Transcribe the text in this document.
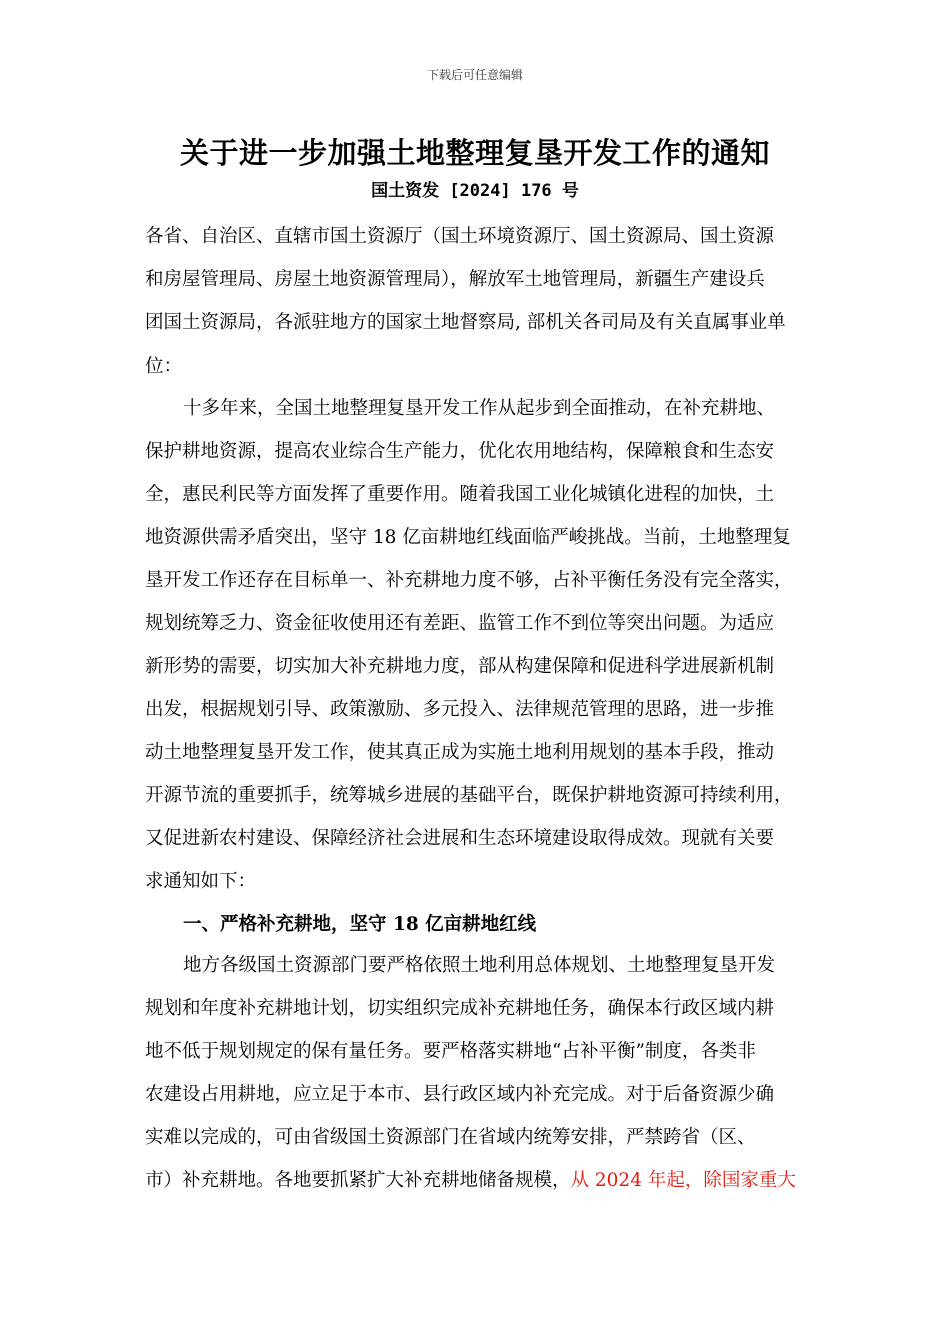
下载后可任意编辑
关于进一步加强土地整理复垦开发工作的通知
国土资发 [2024] 176 号
各省、自治区、直辖市国土资源厅（国土环境资源厅、国土资源局、国土资源
和房屋管理局、房屋土地资源管理局），解放军土地管理局，新疆生产建设兵
团国土资源局，各派驻地方的国家土地督察局, 部机关各司局及有关直属事业单
位：
十多年来，全国土地整理复垦开发工作从起步到全面推动，在补充耕地、
保护耕地资源，提高农业综合生产能力，优化农用地结构，保障粮食和生态安
全，惠民利民等方面发挥了重要作用。随着我国工业化城镇化进程的加快，土
地资源供需矛盾突出，坚守 18 亿亩耕地红线面临严峻挑战。当前，土地整理复
垦开发工作还存在目标单一、补充耕地力度不够，占补平衡任务没有完全落实，
规划统筹乏力、资金征收使用还有差距、监管工作不到位等突出问题。为适应
新形势的需要，切实加大补充耕地力度，部从构建保障和促进科学进展新机制
出发，根据规划引导、政策激励、多元投入、法律规范管理的思路，进一步推
动土地整理复垦开发工作，使其真正成为实施土地利用规划的基本手段，推动
开源节流的重要抓手，统筹城乡进展的基础平台，既保护耕地资源可持续利用，
又促进新农村建设、保障经济社会进展和生态环境建设取得成效。现就有关要
求通知如下：
一、严格补充耕地，坚守 18 亿亩耕地红线
地方各级国土资源部门要严格依照土地利用总体规划、土地整理复垦开发
规划和年度补充耕地计划，切实组织完成补充耕地任务，确保本行政区域内耕
地不低于规划规定的保有量任务。要严格落实耕地“占补平衡”制度，各类非
农建设占用耕地，应立足于本市、县行政区域内补充完成。对于后备资源少确
实难以完成的，可由省级国土资源部门在省域内统筹安排，严禁跨省（区、
市）补充耕地。各地要抓紧扩大补充耕地储备规模，从 2024 年起，除国家重大
